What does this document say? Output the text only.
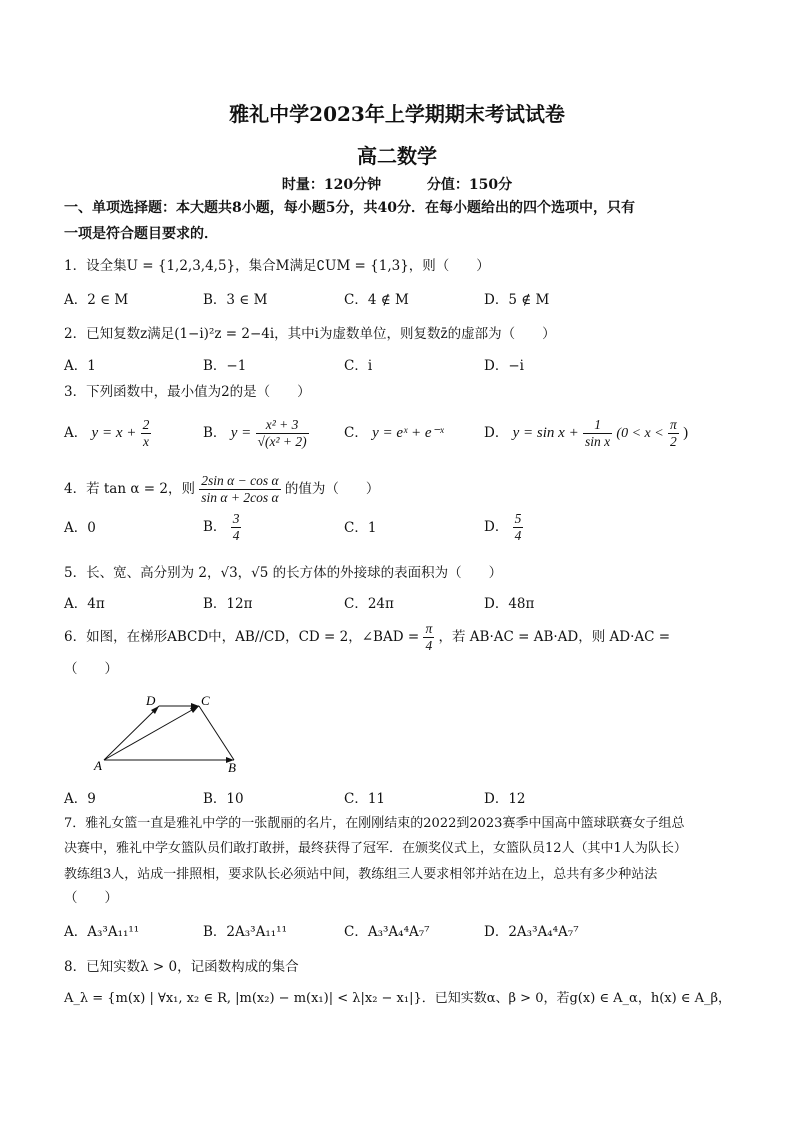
雅礼中学2023年上学期期末考试试卷
高二数学
时量：120分钟	分值：150分
一、单项选择题：本大题共8小题，每小题5分，共40分．在每小题给出的四个选项中，只有
一项是符合题目要求的．
1．设全集U = {1,2,3,4,5}，集合M满足∁UM = {1,3}，则（　　）
A．2 ∈ M	B．3 ∈ M	C．4 ∉ M	D．5 ∉ M
2．已知复数z满足(1−i)²z = 2−4i，其中i为虚数单位，则复数z̄的虚部为（　　）
A．1	B．−1	C．i	D．−i
3．下列函数中，最小值为2的是（　　）
A． $y = x + \frac{2}{x}$	B． $y = \frac{\text{x² + 3}}{\text{√(x² + 2)}}$	C． y = eˣ + e⁻ˣ	D． $y = \sin x + \frac{1}{\text{sin x}} (0 < x < \frac{\pi}{2}$ )
4．若 tan α = 2，则 $\frac{\text{2sin α − cos α}}{\text{sin α + 2cos α}}$ 的值为（　　）
A．0	B． $\frac{3}{4}$	C．1	D． $\frac{5}{4}$
5．长、宽、高分别为 2，√3，√5 的长方体的外接球的表面积为（　　）
A．4π	B．12π	C．24π	D．48π
6．如图，在梯形ABCD中，AB//CD，CD = 2，∠BAD = $\frac{\pi}{4}$ ，若 AB·AC = AB·AD，则 AD·AC =
（　　）
D	C
A	B
A．9	B．10	C．11	D．12
7．雅礼女篮一直是雅礼中学的一张靓丽的名片，在刚刚结束的2022到2023赛季中国高中篮球联赛女子组总
决赛中，雅礼中学女篮队员们敢打敢拼，最终获得了冠军．在颁奖仪式上，女篮队员12人（其中1人为队长）
教练组3人，站成一排照相，要求队长必须站中间，教练组三人要求相邻并站在边上，总共有多少种站法
（　　）
A．A₃³A₁₁¹¹	B．2A₃³A₁₁¹¹	C．A₃³A₄⁴A₇⁷	D．2A₃³A₄⁴A₇⁷
8．已知实数λ > 0，记函数构成的集合
A_λ = {m(x) | ∀x₁, x₂ ∈ R, |m(x₂) − m(x₁)| < λ|x₂ − x₁|}．已知实数α、β > 0，若g(x) ∈ A_α，h(x) ∈ A_β，
